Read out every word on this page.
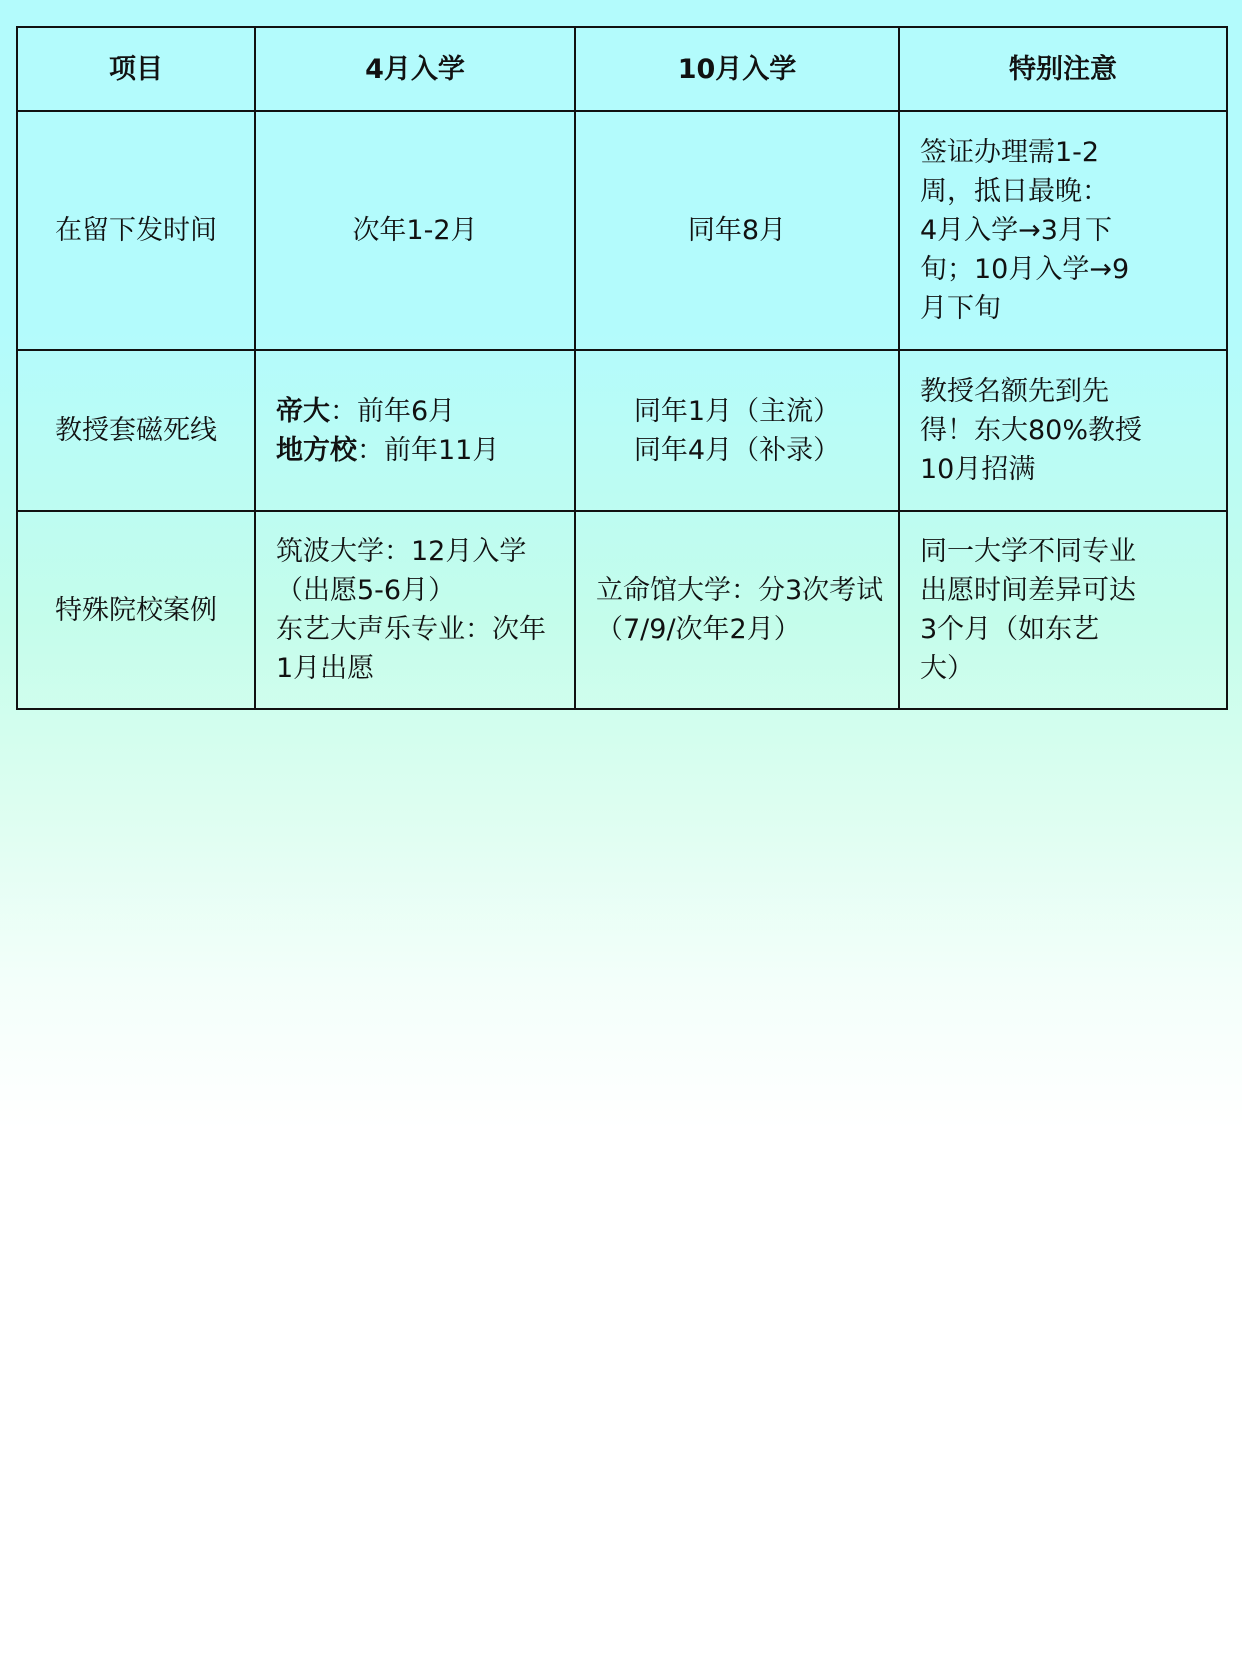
项目	4月入学	10月入学	特别注意
在留下发时间	次年1-2月	同年8月	签证办理需1-2
周，抵日最晚：
4月入学→3月下
旬；10月入学→9
月下旬

教授套磁死线	帝大：前年6月
地方校：前年11月	同年1月（主流）
同年4月（补录）	教授名额先到先
得！东大80%教授
10月招满

特殊院校案例	筑波大学：12月入学
（出愿5-6月）
东艺大声乐专业：次年
1月出愿	立命馆大学：分3次考试
（7/9/次年2月）	同一大学不同专业
出愿时间差异可达
3个月（如东艺
大）
